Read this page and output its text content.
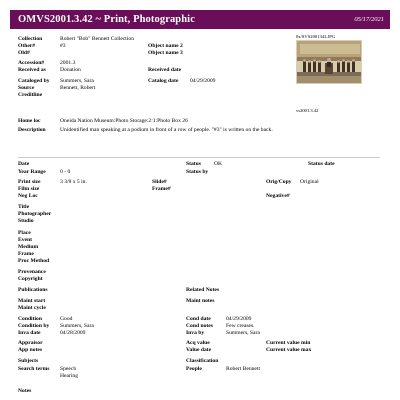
OMVS2001.3.42 ~ Print, Photographic	05/17/2021
Collection	Robert "Bob" Bennett Collection
Other#	#3	Object name 2
Old#	Object name 3
Accession#	2001.3
Received as	Donation	Received date
Cataloged by Summers, Sara	Catalog date 04/29/2009
Source	Bennett, Robert
Creditline
0x/SVS2001342.JPG
vs2001.3.42
Home loc	Oneida Nation Museum:Photo Storage:2:1:Photo Box 26
Description	Unidentified man speaking at a podium in front of a row of people. "#3" is written on the back.
Date	Status OK	Status date
Year Range	0 - 0	Status by
Print size	3 3/8 x 5 in.	Slide#	Orig/Copy Original
Film size	Frame#
Neg Loc	Negative#
Title
Photographer
Studio
Place
Event
Medium
Frame
Proc Method
Provenance
Copyright
Publications	Related Notes
Maint start	Maint notes
Maint cycle
Condition	Good	Cond date	04/29/2009
Condition by Summers, Sara	Cond notes Few creases.
Inva date	04/28/2009	Inva by	Summers, Sara
Appraisor	Acq value	Current value min
App notes	Value date	Current value max
Subjects	Classification
Search terms Speech
Hearing
People	Robert Bennett
Notes
